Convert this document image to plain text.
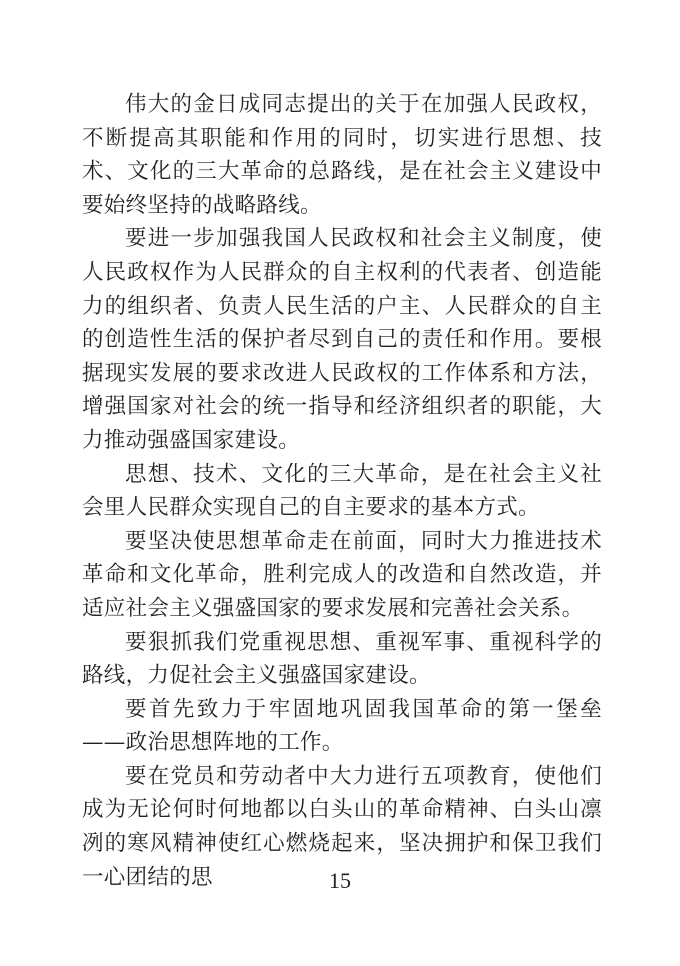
伟大的金日成同志提出的关于在加强人民政权，不断提高其职能和作用的同时，切实进行思想、技术、文化的三大革命的总路线，是在社会主义建设中要始终坚持的战略路线。

要进一步加强我国人民政权和社会主义制度，使人民政权作为人民群众的自主权利的代表者、创造能力的组织者、负责人民生活的户主、人民群众的自主的创造性生活的保护者尽到自己的责任和作用。要根据现实发展的要求改进人民政权的工作体系和方法，增强国家对社会的统一指导和经济组织者的职能，大力推动强盛国家建设。

思想、技术、文化的三大革命，是在社会主义社会里人民群众实现自己的自主要求的基本方式。

要坚决使思想革命走在前面，同时大力推进技术革命和文化革命，胜利完成人的改造和自然改造，并适应社会主义强盛国家的要求发展和完善社会关系。

要狠抓我们党重视思想、重视军事、重视科学的路线，力促社会主义强盛国家建设。

要首先致力于牢固地巩固我国革命的第一堡垒——政治思想阵地的工作。

要在党员和劳动者中大力进行五项教育，使他们成为无论何时何地都以白头山的革命精神、白头山凛冽的寒风精神使红心燃烧起来，坚决拥护和保卫我们一心团结的思	15
